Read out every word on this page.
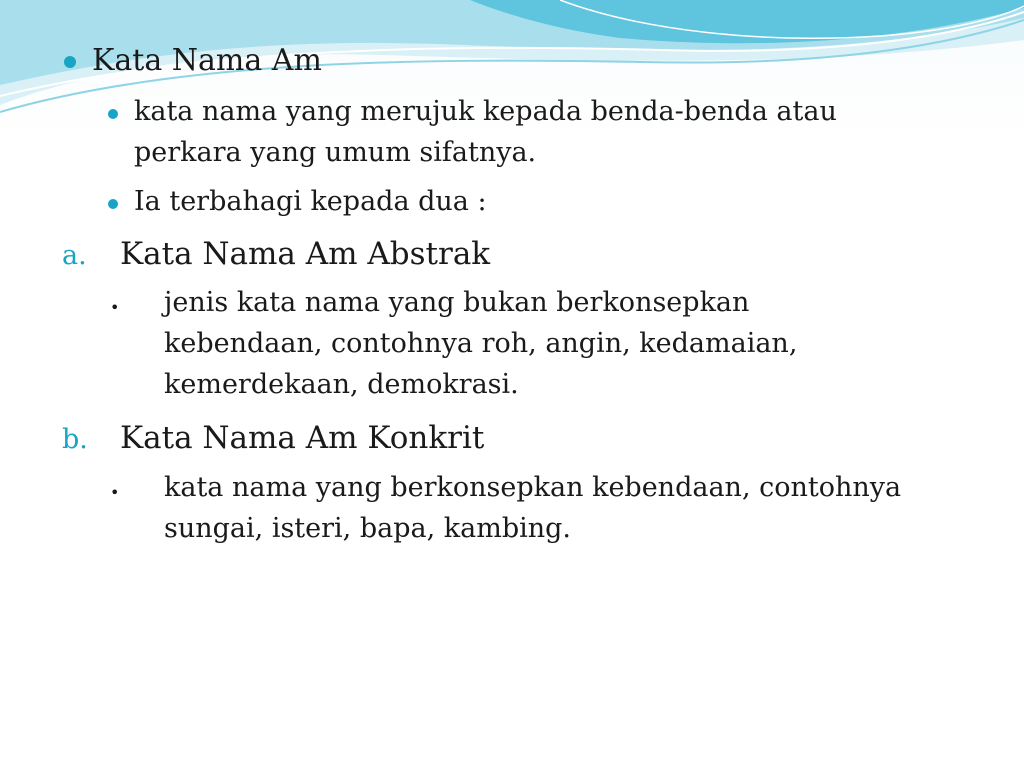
Kata Nama Am
kata nama yang merujuk kepada benda-benda atau
perkara yang umum sifatnya.
Ia terbahagi kepada dua :
a. Kata Nama Am Abstrak
• jenis kata nama yang bukan berkonsepkan
kebendaan, contohnya roh, angin, kedamaian,
kemerdekaan, demokrasi.
b. Kata Nama Am Konkrit
• kata nama yang berkonsepkan kebendaan, contohnya
sungai, isteri, bapa, kambing.
